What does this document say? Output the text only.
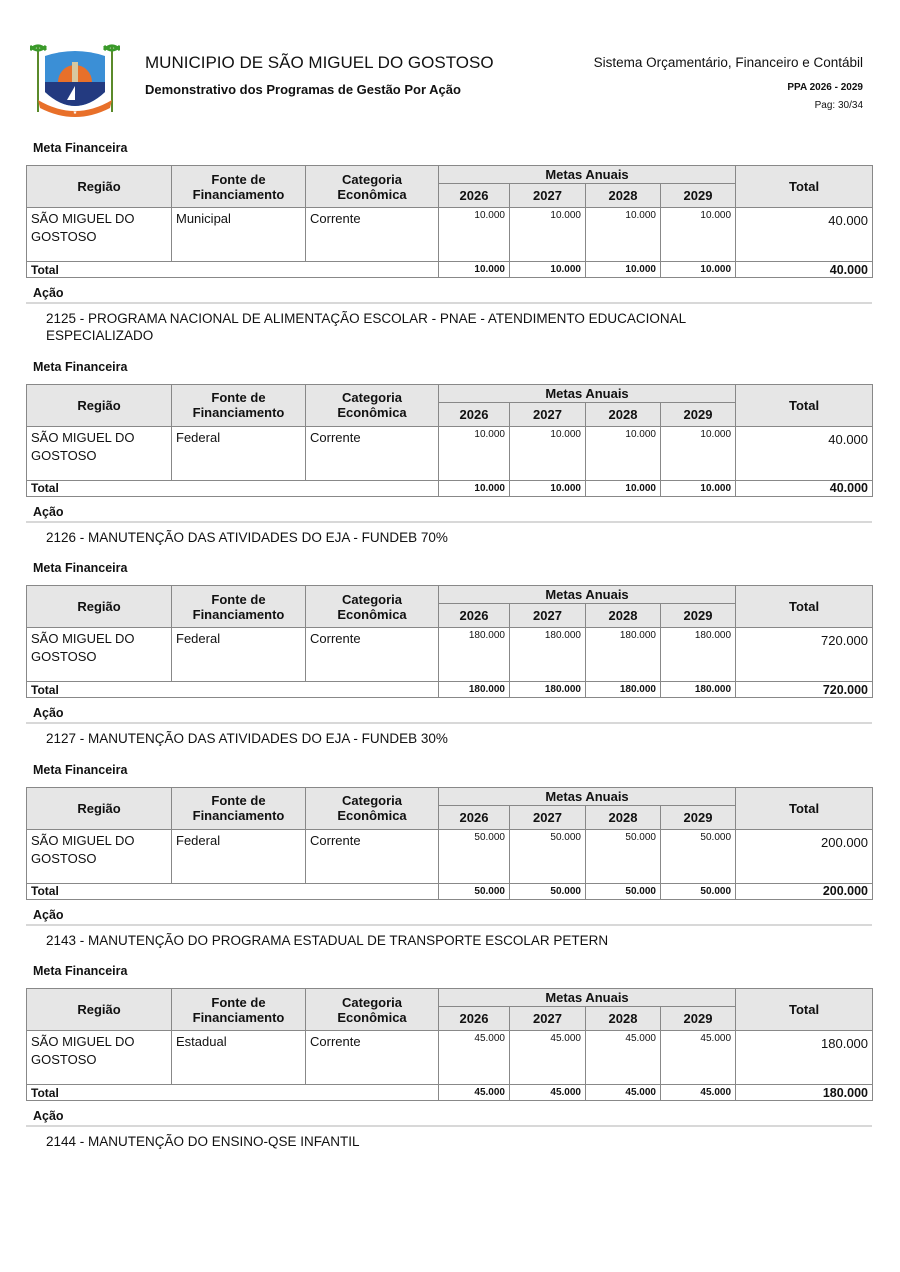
★
MUNICIPIO DE SÃO MIGUEL DO GOSTOSO
Demonstrativo dos Programas de Gestão Por Ação
Sistema Orçamentário, Financeiro e Contábil
PPA 2026 - 2029
Pag: 30/34
Meta Financeira
Região	Fonte de Financiamento	Categoria Econômica	Metas Anuais				Total
			2026	2027	2028	2029	
SÃO MIGUEL DO GOSTOSO	Municipal	Corrente	10.000	10.000	10.000	10.000	40.000
Total			10.000	10.000	10.000	10.000	40.000
Ação
2125 - PROGRAMA NACIONAL DE ALIMENTAÇÃO ESCOLAR - PNAE - ATENDIMENTO EDUCACIONAL ESPECIALIZADO
Meta Financeira
Região	Fonte de Financiamento	Categoria Econômica	Metas Anuais				Total
			2026	2027	2028	2029	
SÃO MIGUEL DO GOSTOSO	Federal	Corrente	10.000	10.000	10.000	10.000	40.000
Total			10.000	10.000	10.000	10.000	40.000
Ação
2126 - MANUTENÇÃO DAS ATIVIDADES DO EJA - FUNDEB 70%
Meta Financeira
Região	Fonte de Financiamento	Categoria Econômica	Metas Anuais				Total
			2026	2027	2028	2029	
SÃO MIGUEL DO GOSTOSO	Federal	Corrente	180.000	180.000	180.000	180.000	720.000
Total			180.000	180.000	180.000	180.000	720.000
Ação
2127 - MANUTENÇÃO DAS ATIVIDADES DO EJA - FUNDEB 30%
Meta Financeira
Região	Fonte de Financiamento	Categoria Econômica	Metas Anuais				Total
			2026	2027	2028	2029	
SÃO MIGUEL DO GOSTOSO	Federal	Corrente	50.000	50.000	50.000	50.000	200.000
Total			50.000	50.000	50.000	50.000	200.000
Ação
2143 - MANUTENÇÃO DO PROGRAMA ESTADUAL DE TRANSPORTE ESCOLAR PETERN
Meta Financeira
Região	Fonte de Financiamento	Categoria Econômica	Metas Anuais				Total
			2026	2027	2028	2029	
SÃO MIGUEL DO GOSTOSO	Estadual	Corrente	45.000	45.000	45.000	45.000	180.000
Total			45.000	45.000	45.000	45.000	180.000
Ação
2144 - MANUTENÇÃO DO ENSINO-QSE INFANTIL
